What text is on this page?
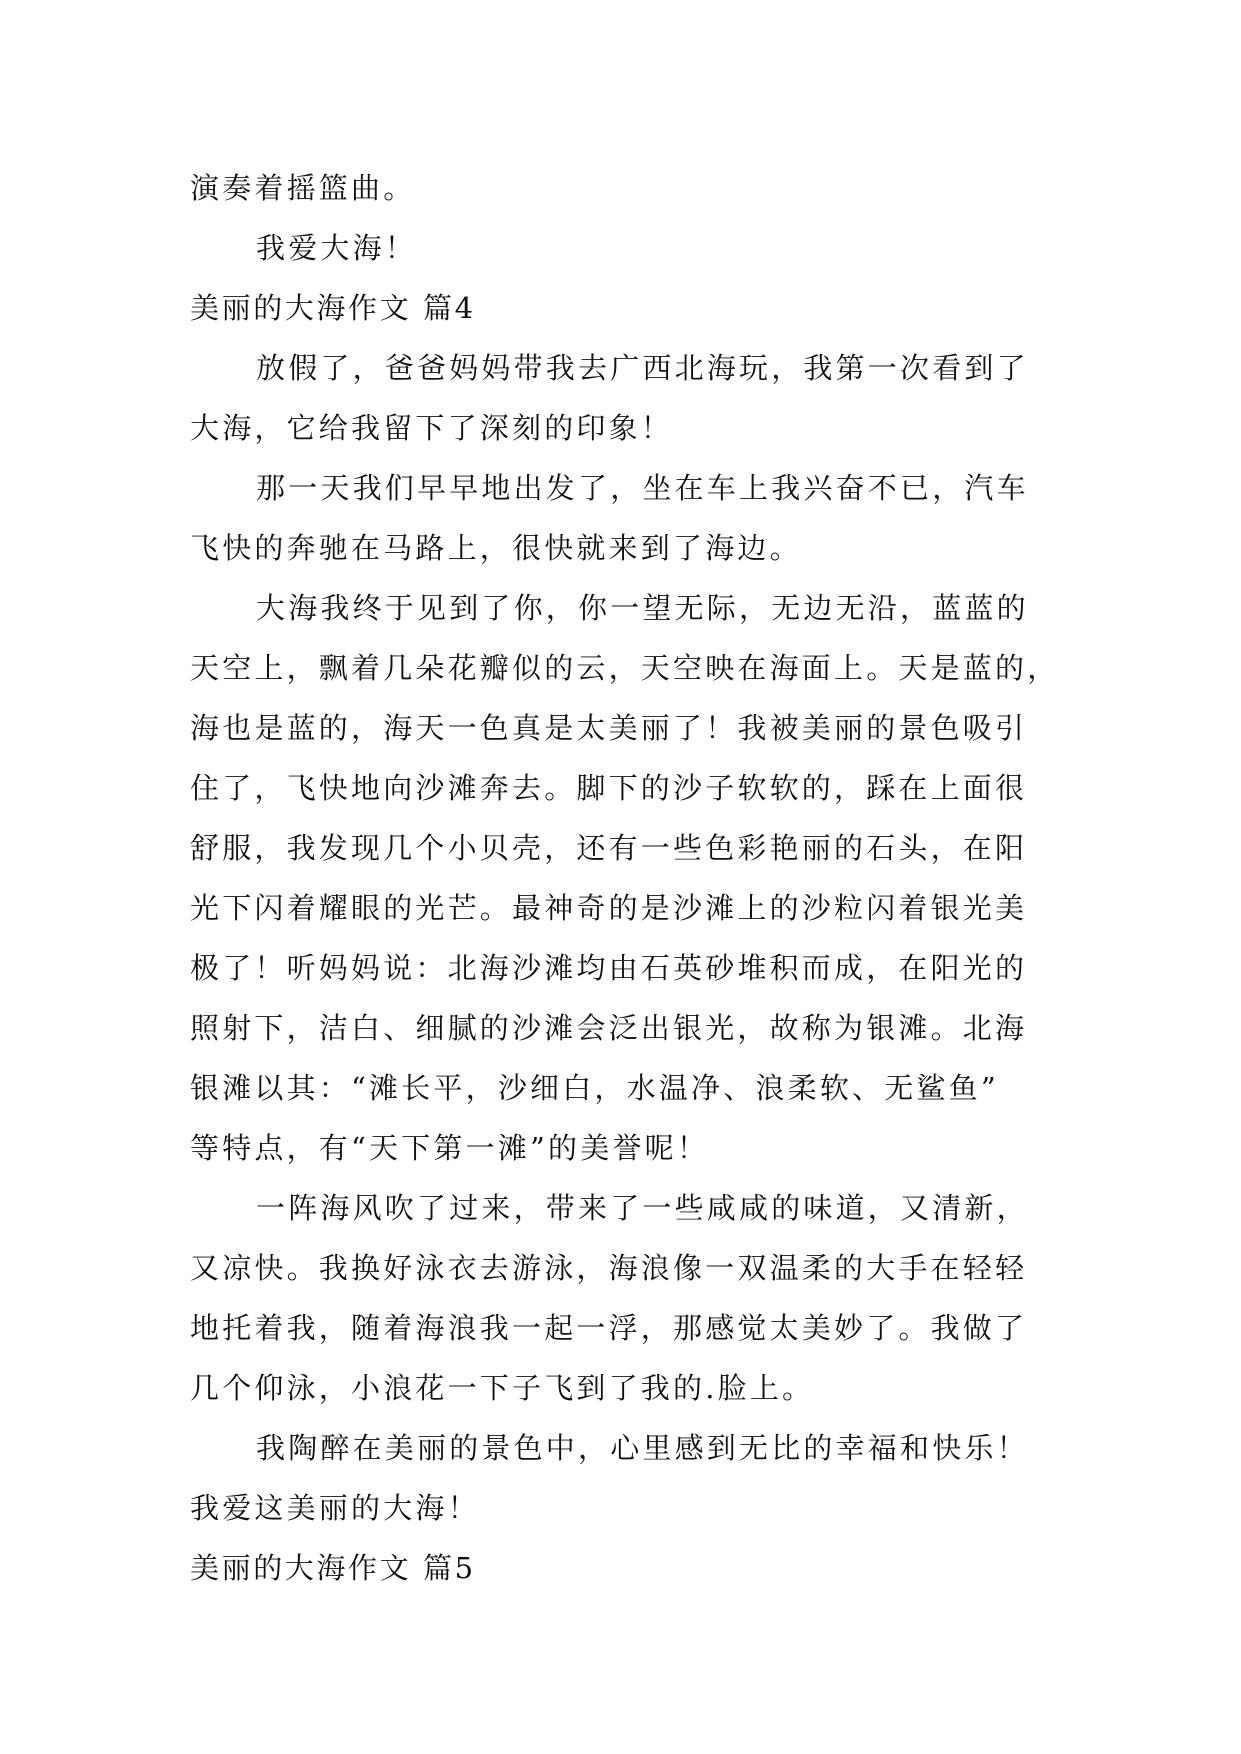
演奏着摇篮曲。
我爱大海！
美丽的大海作文 篇4
放假了，爸爸妈妈带我去广西北海玩，我第一次看到了
大海，它给我留下了深刻的印象！
那一天我们早早地出发了，坐在车上我兴奋不已，汽车
飞快的奔驰在马路上，很快就来到了海边。
大海我终于见到了你，你一望无际，无边无沿，蓝蓝的
天空上，飘着几朵花瓣似的云，天空映在海面上。天是蓝的，
海也是蓝的，海天一色真是太美丽了！我被美丽的景色吸引
住了，飞快地向沙滩奔去。脚下的沙子软软的，踩在上面很
舒服，我发现几个小贝壳，还有一些色彩艳丽的石头，在阳
光下闪着耀眼的光芒。最神奇的是沙滩上的沙粒闪着银光美
极了！听妈妈说：北海沙滩均由石英砂堆积而成，在阳光的
照射下，洁白、细腻的沙滩会泛出银光，故称为银滩。北海
银滩以其：“滩长平，沙细白，水温净、浪柔软、无鲨鱼”
等特点，有“天下第一滩”的美誉呢！
一阵海风吹了过来，带来了一些咸咸的味道，又清新，
又凉快。我换好泳衣去游泳，海浪像一双温柔的大手在轻轻
地托着我，随着海浪我一起一浮，那感觉太美妙了。我做了
几个仰泳，小浪花一下子飞到了我的.脸上。
我陶醉在美丽的景色中，心里感到无比的幸福和快乐！
我爱这美丽的大海！
美丽的大海作文 篇5
